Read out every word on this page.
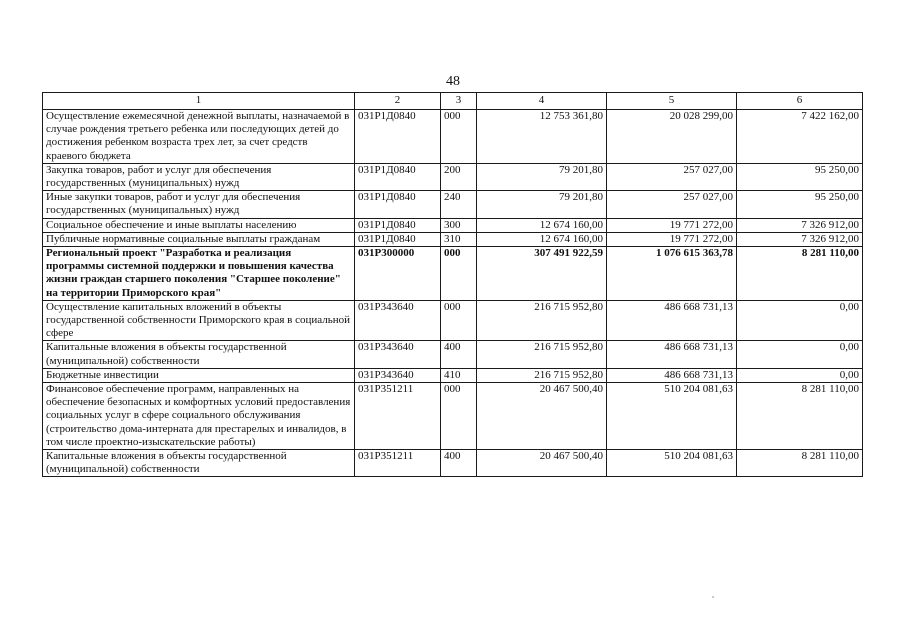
48
1	2	3	4	5	6
Осуществление ежемесячной денежной выплаты, назначаемой в случае рождения третьего ребенка или последующих детей до достижения ребенком возраста трех лет, за счет средств краевого бюджета	031Р1Д0840	000	12 753 361,80	20 028 299,00	7 422 162,00
Закупка товаров, работ и услуг для обеспечения государственных (муниципальных) нужд	031Р1Д0840	200	79 201,80	257 027,00	95 250,00
Иные закупки товаров, работ и услуг для обеспечения государственных (муниципальных) нужд	031Р1Д0840	240	79 201,80	257 027,00	95 250,00
Социальное обеспечение и иные выплаты населению	031Р1Д0840	300	12 674 160,00	19 771 272,00	7 326 912,00
Публичные нормативные социальные выплаты гражданам	031Р1Д0840	310	12 674 160,00	19 771 272,00	7 326 912,00
Региональный проект "Разработка и реализация программы системной поддержки и повышения качества жизни граждан старшего поколения "Старшее поколение" на территории Приморского края"	031Р300000	000	307 491 922,59	1 076 615 363,78	8 281 110,00
Осуществление капитальных вложений в объекты государственной собственности Приморского края в социальной сфере	031Р343640	000	216 715 952,80	486 668 731,13	0,00
Капитальные вложения в объекты государственной (муниципальной) собственности	031Р343640	400	216 715 952,80	486 668 731,13	0,00
Бюджетные инвестиции	031Р343640	410	216 715 952,80	486 668 731,13	0,00
Финансовое обеспечение программ, направленных на обеспечение безопасных и комфортных условий предоставления социальных услуг в сфере социального обслуживания (строительство дома-интерната для престарелых и инвалидов, в том числе проектно-изыскательские работы)	031Р351211	000	20 467 500,40	510 204 081,63	8 281 110,00
Капитальные вложения в объекты государственной (муниципальной) собственности	031Р351211	400	20 467 500,40	510 204 081,63	8 281 110,00
